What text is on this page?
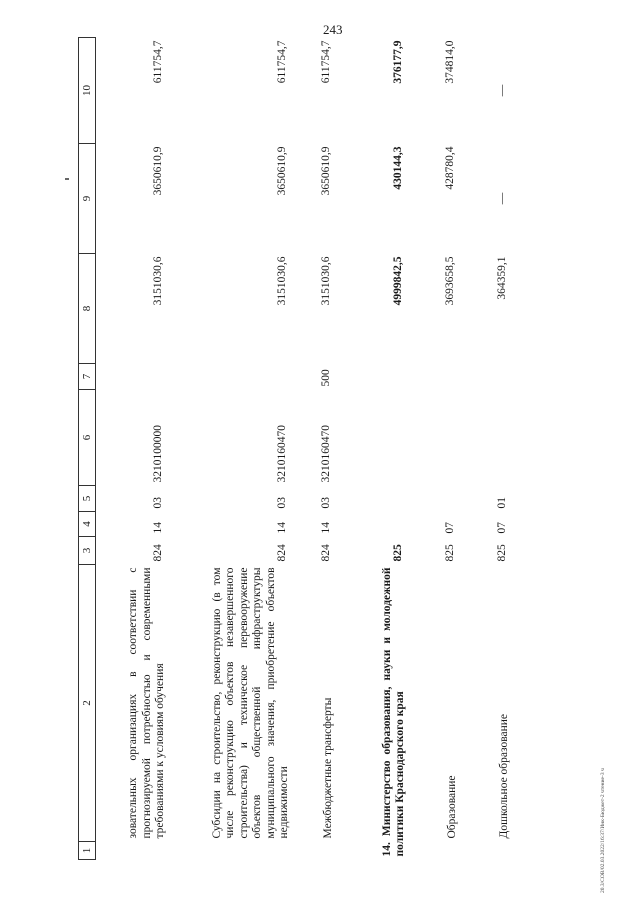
243
20.3/СОВ/02.03.2022/16:37/Инк-Бюджет-2 чтение-3 ч
1	2	3	4	5	6	7	8	9	10
	зовательных организациях в соответствии с прогнозируемой потребностью и современными требованиями к условиям обучения	824	14	03	3210100000		3151030,6	3650610,9	611754,7
	Субсидии на строительство, реконструкцию (в том числе реконструкцию объектов незавершенного строительства) и техническое перевооружение объектов общественной инфраструктуры муниципального значения, приобретение объектов недвижимости	824	14	03	3210160470		3151030,6	3650610,9	611754,7
	Межбюджетные трансферты	824	14	03	3210160470	500	3151030,6	3650610,9	611754,7
14.Министерство образования, науки и молодежной политики Краснодарского края		825					4999842,5	430144,3	376177,9
	Образование	825	07				3693658,5	428780,4	374814,0
	Дошкольное образование	825	07	01			364359,1	—	—
